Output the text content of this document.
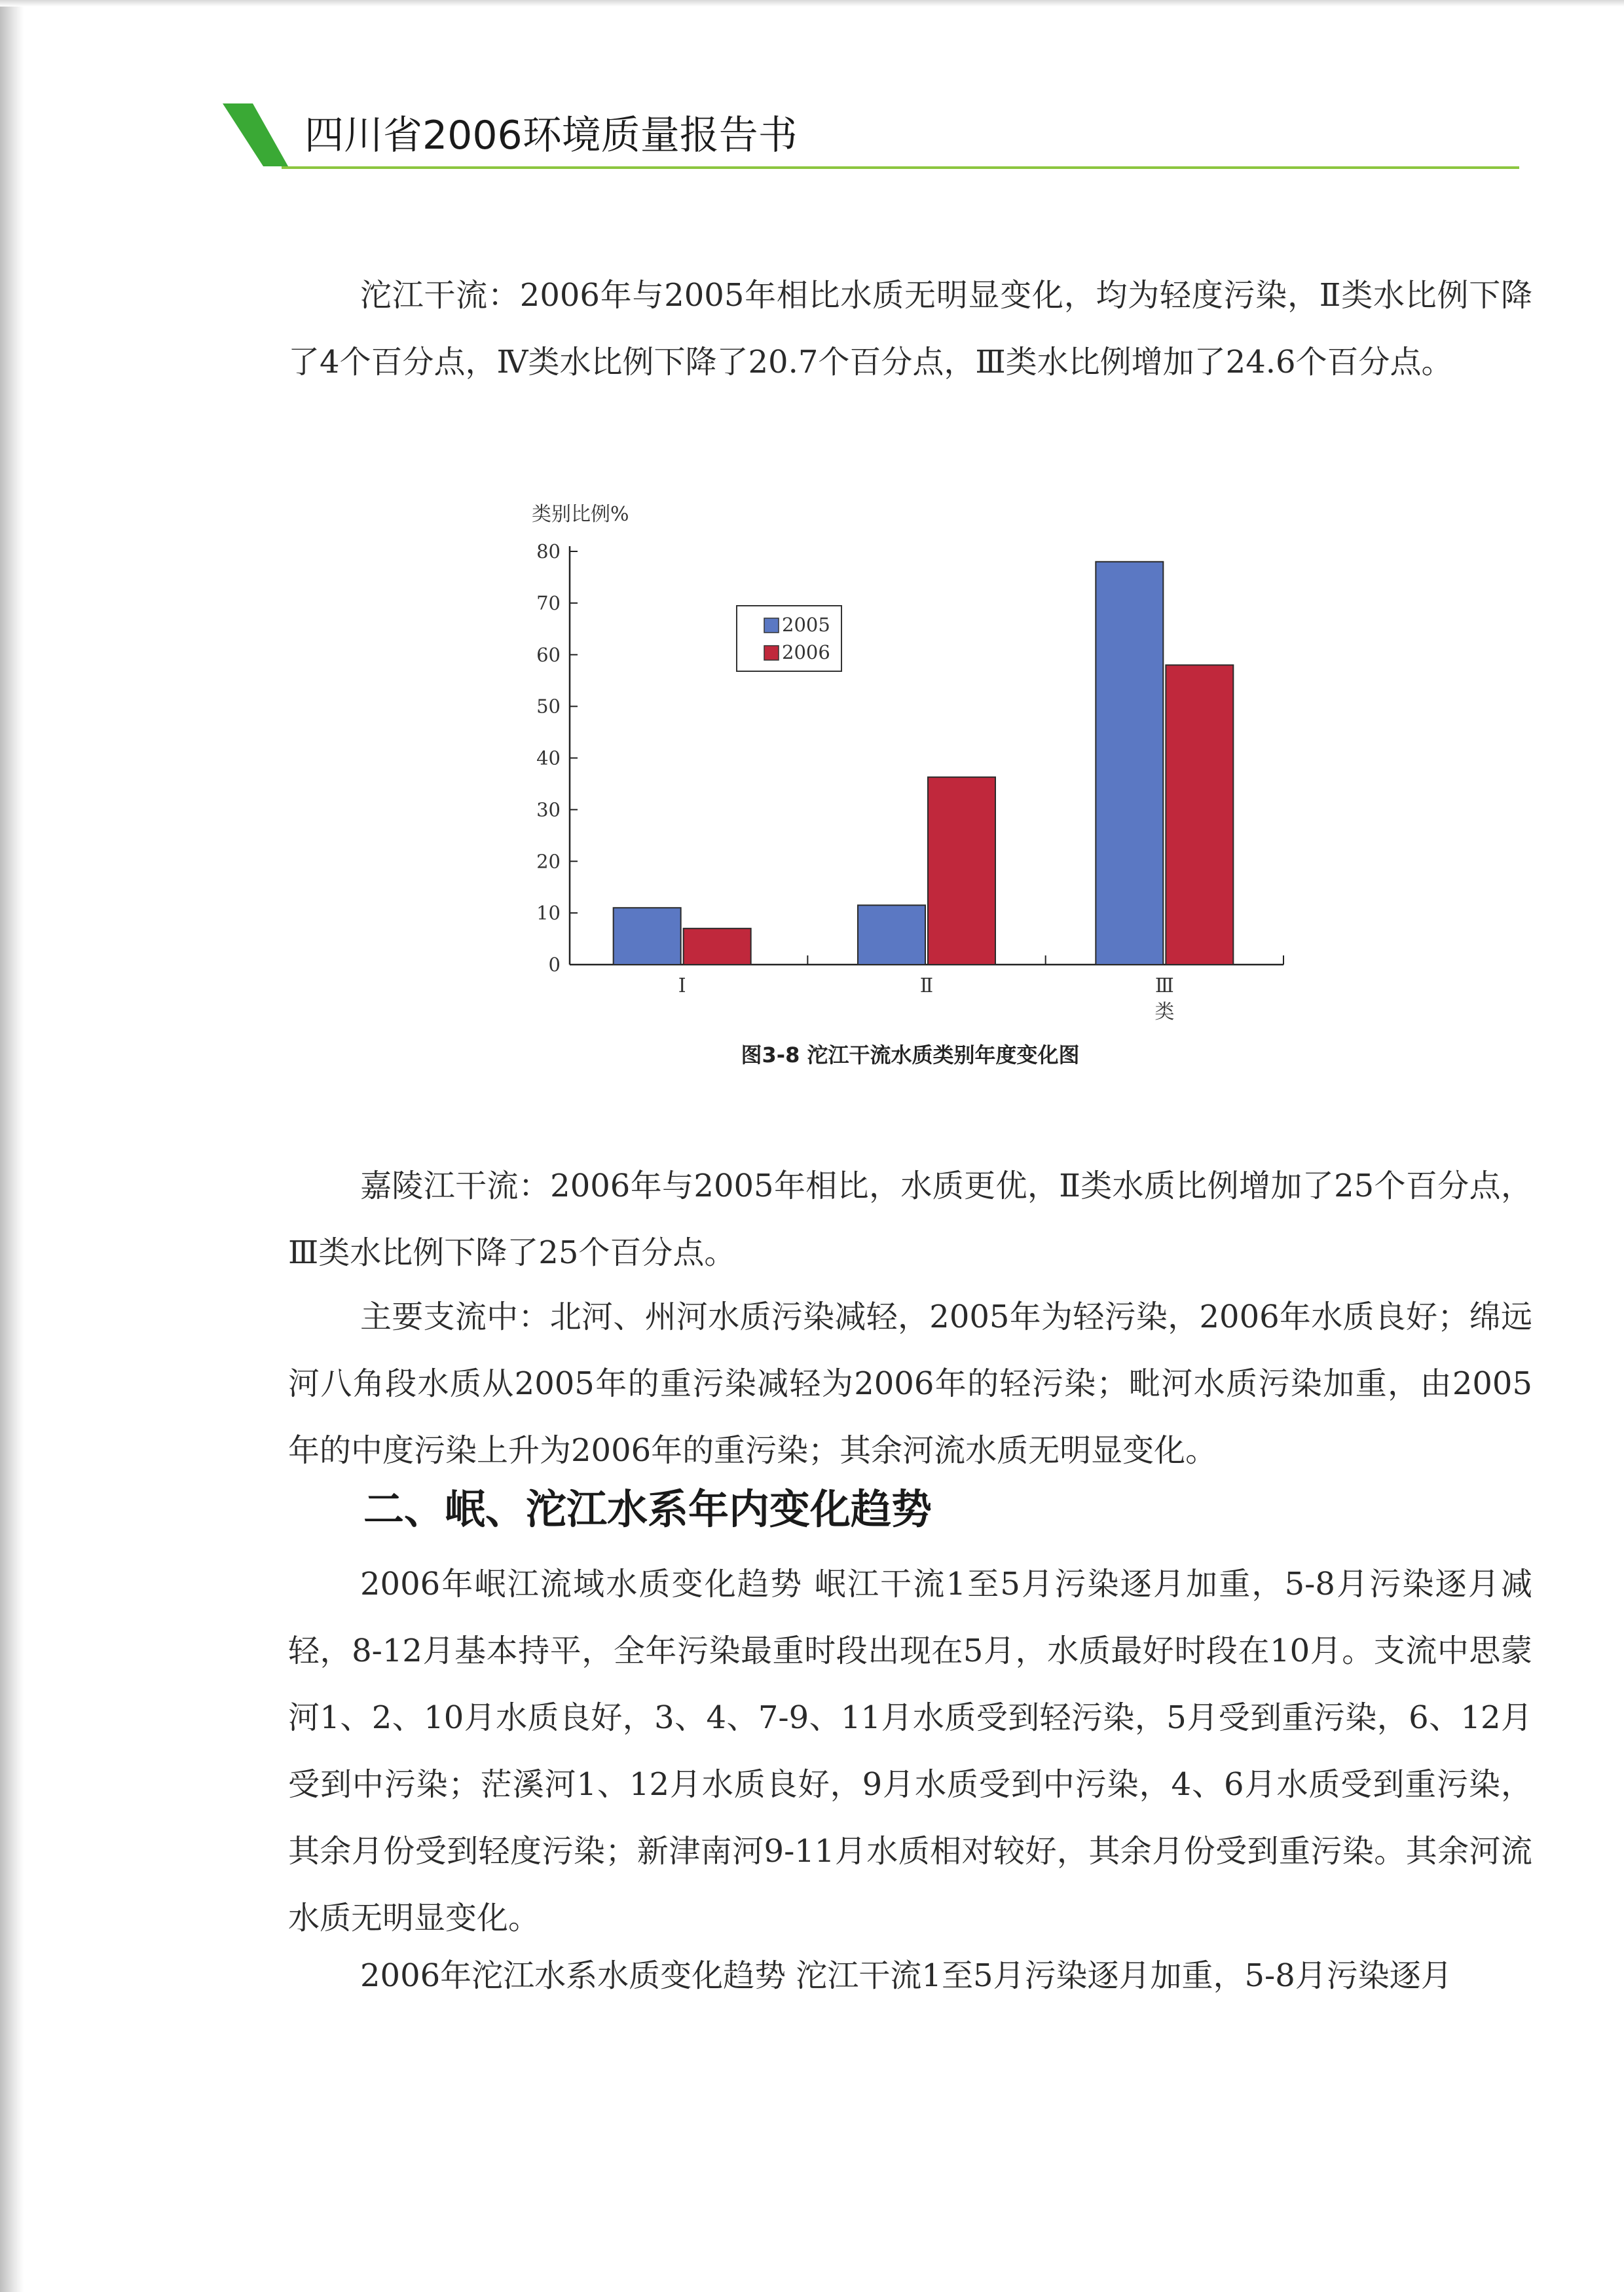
四川省2006环境质量报告书

沱江干流：2006年与2005年相比水质无明显变化，均为轻度污染，Ⅱ类水比例下降了4个百分点，Ⅳ类水比例下降了20.7个百分点，Ⅲ类水比例增加了24.6个百分点。

类别比例%
0
10
20
30
40
50
60
70
80
Ⅰ	Ⅱ	Ⅲ
类
2005
2006
图3-8 沱江干流水质类别年度变化图

嘉陵江干流：2006年与2005年相比，水质更优，Ⅱ类水质比例增加了25个百分点，Ⅲ类水比例下降了25个百分点。

主要支流中：北河、州河水质污染减轻，2005年为轻污染，2006年水质良好；绵远河八角段水质从2005年的重污染减轻为2006年的轻污染；毗河水质污染加重，由2005年的中度污染上升为2006年的重污染；其余河流水质无明显变化。

二、岷、沱江水系年内变化趋势

2006年岷江流域水质变化趋势 岷江干流1至5月污染逐月加重，5-8月污染逐月减轻，8-12月基本持平，全年污染最重时段出现在5月，水质最好时段在10月。支流中思蒙河1、2、10月水质良好，3、4、7-9、11月水质受到轻污染，5月受到重污染，6、12月受到中污染；茫溪河1、12月水质良好，9月水质受到中污染，4、6月水质受到重污染，其余月份受到轻度污染；新津南河9-11月水质相对较好，其余月份受到重污染。其余河流水质无明显变化。

2006年沱江水系水质变化趋势 沱江干流1至5月污染逐月加重，5-8月污染逐月
